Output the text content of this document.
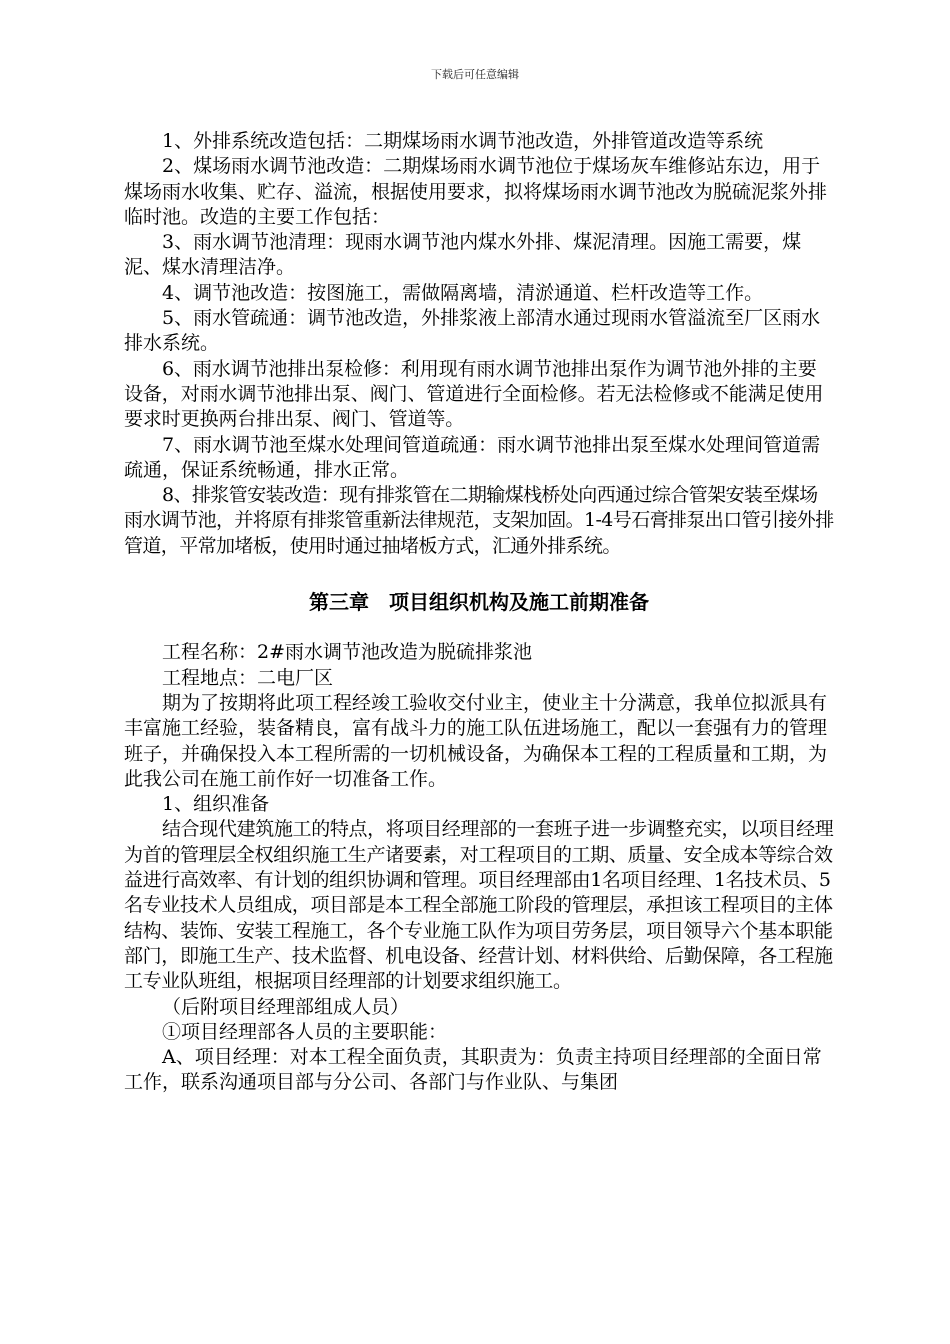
下载后可任意编辑

1、外排系统改造包括：二期煤场雨水调节池改造，外排管道改造等系统

2、煤场雨水调节池改造：二期煤场雨水调节池位于煤场灰车维修站东边，用于煤场雨水收集、贮存、溢流，根据使用要求，拟将煤场雨水调节池改为脱硫泥浆外排临时池。改造的主要工作包括：

3、雨水调节池清理：现雨水调节池内煤水外排、煤泥清理。因施工需要，煤泥、煤水清理洁净。

4、调节池改造：按图施工，需做隔离墙，清淤通道、栏杆改造等工作。

5、雨水管疏通：调节池改造，外排浆液上部清水通过现雨水管溢流至厂区雨水排水系统。

6、雨水调节池排出泵检修：利用现有雨水调节池排出泵作为调节池外排的主要设备，对雨水调节池排出泵、阀门、管道进行全面检修。若无法检修或不能满足使用要求时更换两台排出泵、阀门、管道等。

7、雨水调节池至煤水处理间管道疏通：雨水调节池排出泵至煤水处理间管道需疏通，保证系统畅通，排水正常。

8、排浆管安装改造：现有排浆管在二期输煤栈桥处向西通过综合管架安装至煤场雨水调节池，并将原有排浆管重新法律规范，支架加固。1-4号石膏排泵出口管引接外排管道，平常加堵板，使用时通过抽堵板方式，汇通外排系统。

第三章　项目组织机构及施工前期准备

工程名称：2#雨水调节池改造为脱硫排浆池

工程地点：二电厂区

期为了按期将此项工程经竣工验收交付业主，使业主十分满意，我单位拟派具有丰富施工经验，装备精良，富有战斗力的施工队伍进场施工，配以一套强有力的管理班子，并确保投入本工程所需的一切机械设备，为确保本工程的工程质量和工期，为此我公司在施工前作好一切准备工作。

1、组织准备

结合现代建筑施工的特点，将项目经理部的一套班子进一步调整充实，以项目经理为首的管理层全权组织施工生产诸要素，对工程项目的工期、质量、安全成本等综合效益进行高效率、有计划的组织协调和管理。项目经理部由1名项目经理、1名技术员、5名专业技术人员组成，项目部是本工程全部施工阶段的管理层，承担该工程项目的主体结构、装饰、安装工程施工，各个专业施工队作为项目劳务层，项目领导六个基本职能部门，即施工生产、技术监督、机电设备、经营计划、材料供给、后勤保障，各工程施工专业队班组，根据项目经理部的计划要求组织施工。

（后附项目经理部组成人员）

①项目经理部各人员的主要职能：

A、项目经理：对本工程全面负责，其职责为：负责主持项目经理部的全面日常工作，联系沟通项目部与分公司、各部门与作业队、与集团
